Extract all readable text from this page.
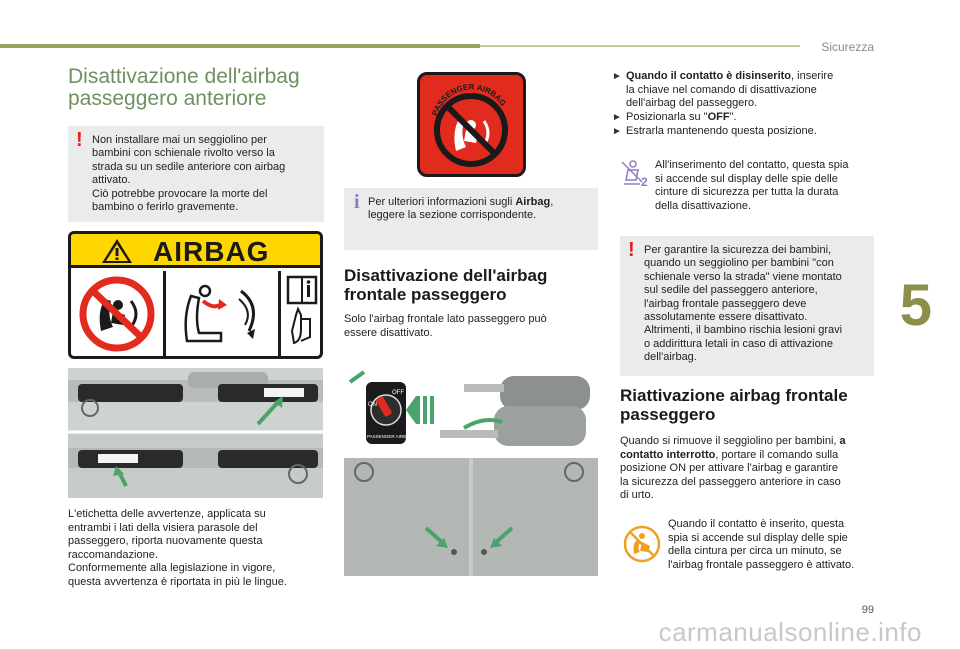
Sicurezza
5
Disattivazione dell'airbag
passeggero anteriore
! Non installare mai un seggiolino per
bambini con schienale rivolto verso la
strada su un sedile anteriore con airbag
attivato.
Ciò potrebbe provocare la morte del
bambino o ferirlo gravemente.
AIRBAG
L'etichetta delle avvertenze, applicata su
entrambi i lati della visiera parasole del
passeggero, riporta nuovamente questa
raccomandazione.
Conformemente alla legislazione in vigore,
questa avvertenza è riportata in più le lingue.
PASSENGER AIRBAG
i Per ulteriori informazioni sugli Airbag,
leggere la sezione corrispondente.
Disattivazione dell'airbag
frontale passeggero
Solo l'airbag frontale lato passeggero può
essere disattivato.
ON
OFF
PASSENGER AIRBAG
► Quando il contatto è disinserito, inserire
la chiave nel comando di disattivazione
dell'airbag del passeggero.
► Posizionarla su "OFF".
► Estrarla mantenendo questa posizione.
2
All'inserimento del contatto, questa spia
si accende sul display delle spie delle
cinture di sicurezza per tutta la durata
della disattivazione.
! Per garantire la sicurezza dei bambini,
quando un seggiolino per bambini "con
schienale verso la strada" viene montato
sul sedile del passeggero anteriore,
l'airbag frontale passeggero deve
assolutamente essere disattivato.
Altrimenti, il bambino rischia lesioni gravi
o addirittura letali in caso di attivazione
dell'airbag.
Riattivazione airbag frontale
passeggero
Quando si rimuove il seggiolino per bambini, a
contatto interrotto, portare il comando sulla
posizione ON per attivare l'airbag e garantire
la sicurezza del passeggero anteriore in caso
di urto.
Quando il contatto è inserito, questa
spia si accende sul display delle spie
della cintura per circa un minuto, se
l'airbag frontale passeggero è attivato.
99
carmanualsonline.info
